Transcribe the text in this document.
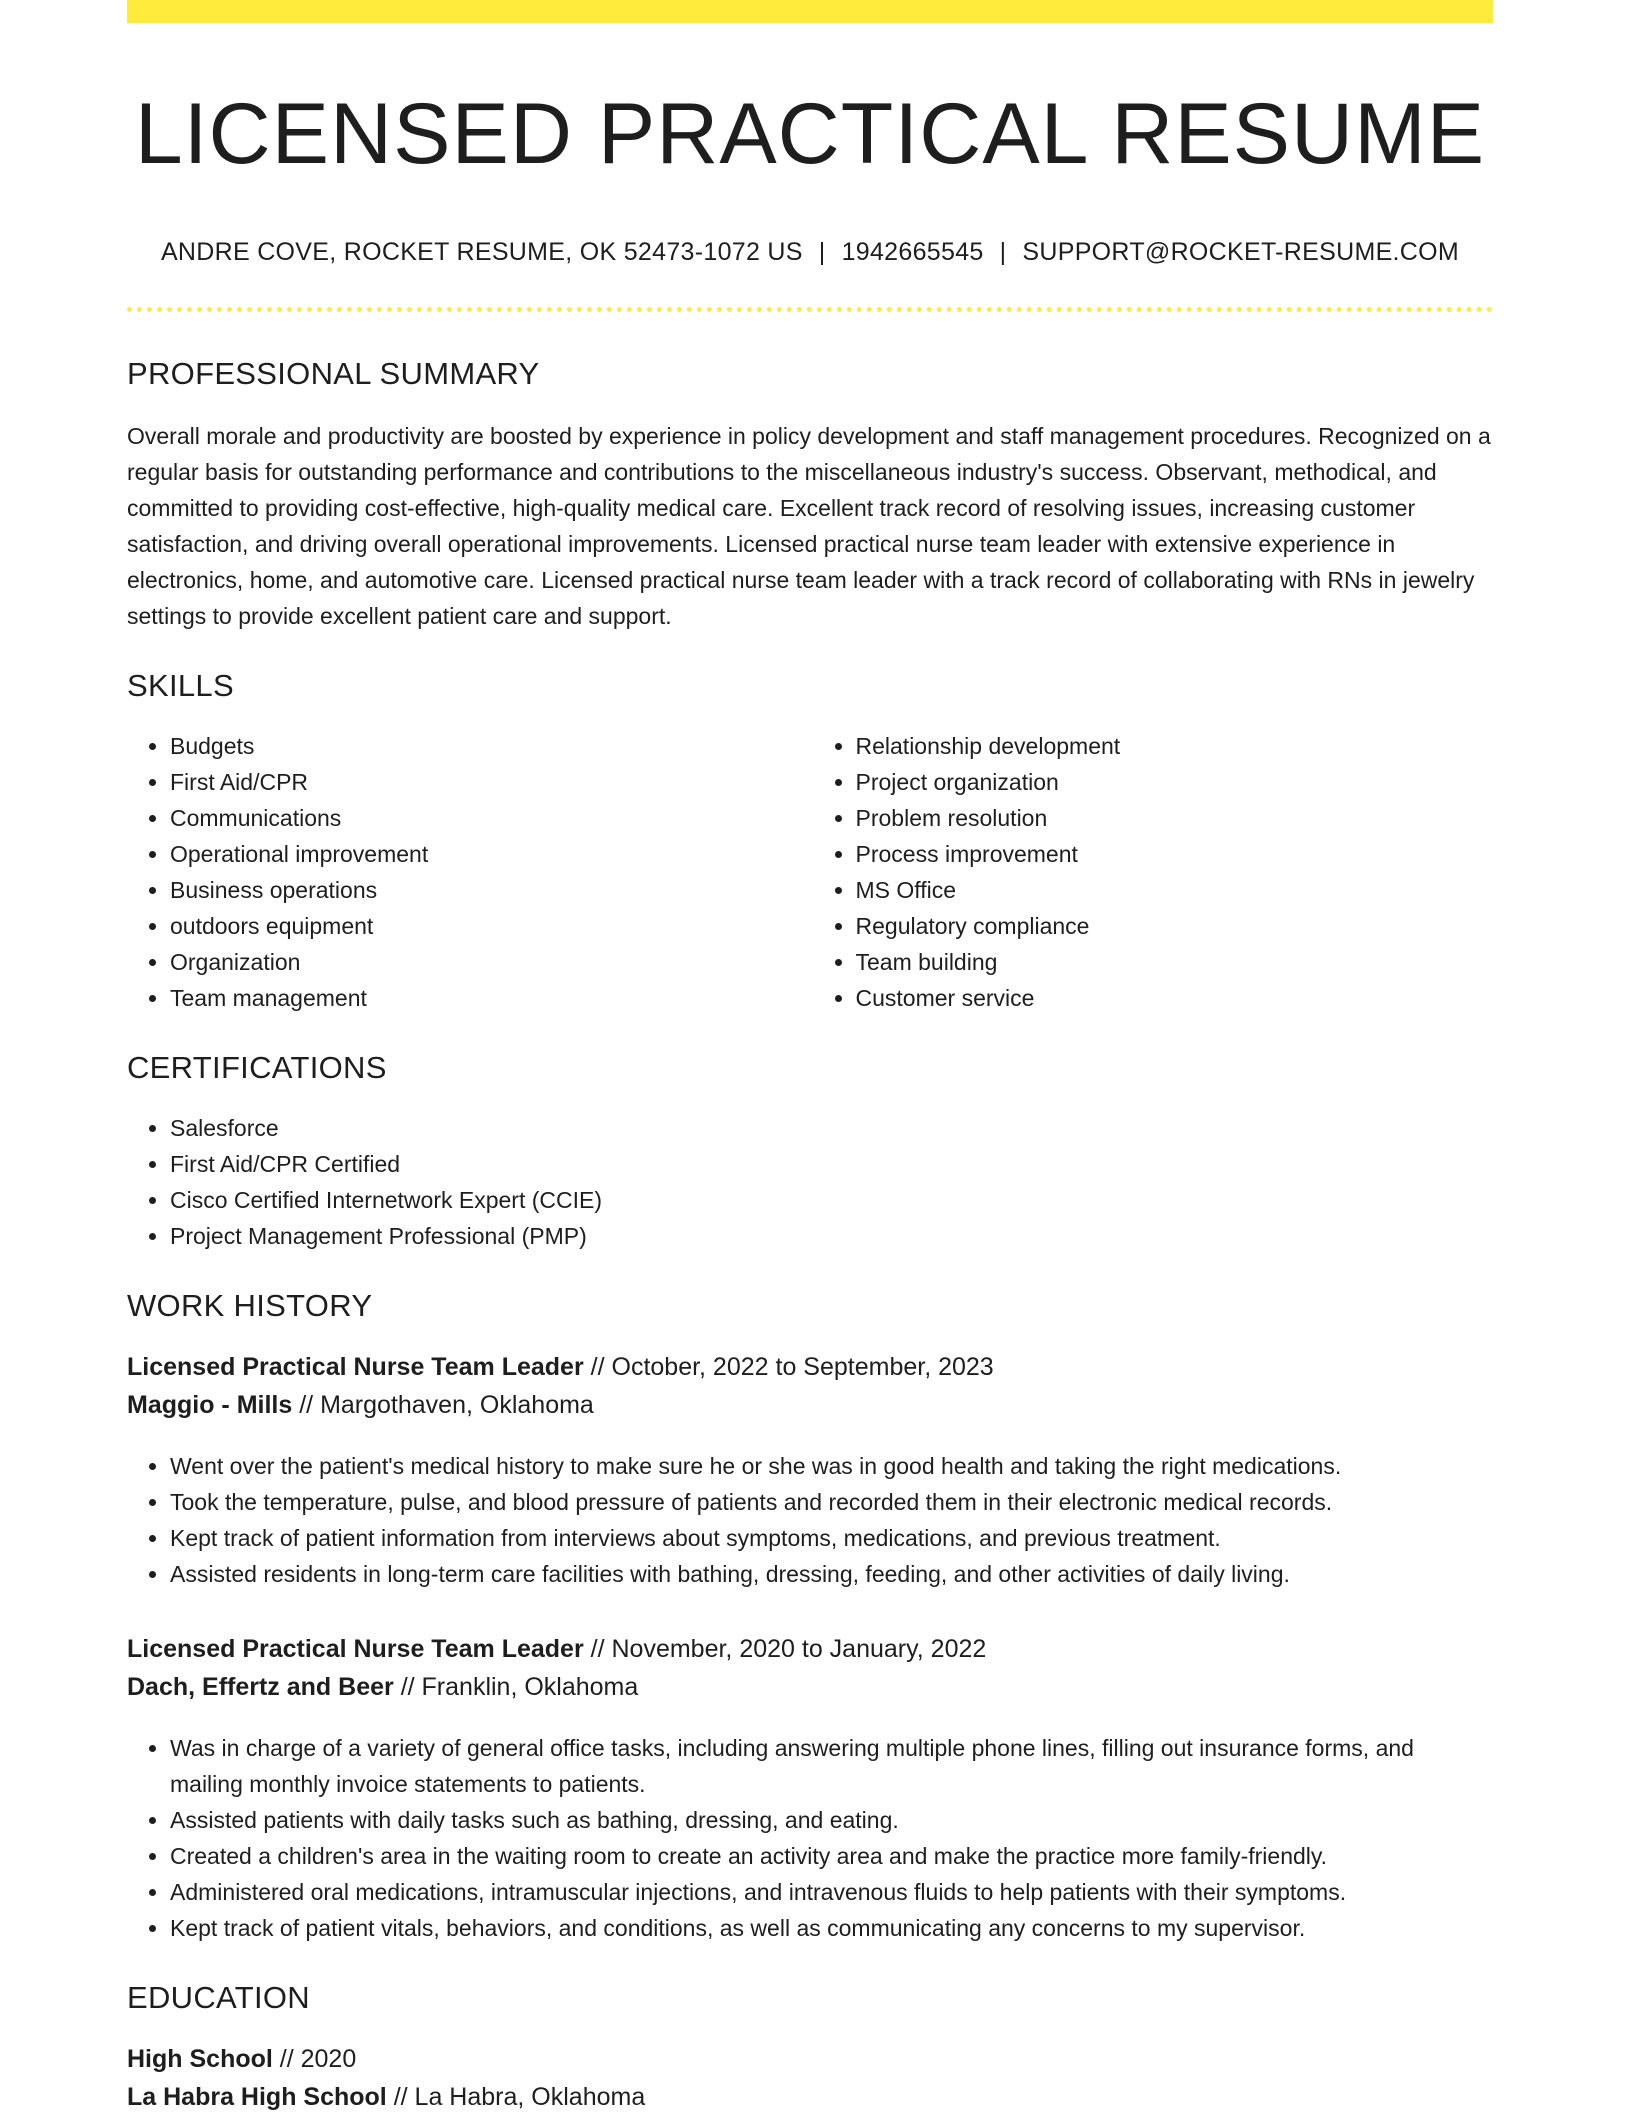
LICENSED PRACTICAL RESUME
ANDRE COVE, ROCKET RESUME, OK 52473-1072 US | 1942665545 | SUPPORT@ROCKET-RESUME.COM
PROFESSIONAL SUMMARY
Overall morale and productivity are boosted by experience in policy development and staff management procedures. Recognized on a regular basis for outstanding performance and contributions to the miscellaneous industry's success. Observant, methodical, and committed to providing cost-effective, high-quality medical care. Excellent track record of resolving issues, increasing customer satisfaction, and driving overall operational improvements. Licensed practical nurse team leader with extensive experience in electronics, home, and automotive care. Licensed practical nurse team leader with a track record of collaborating with RNs in jewelry settings to provide excellent patient care and support.
SKILLS
• Budgets
• First Aid/CPR
• Communications
• Operational improvement
• Business operations
• outdoors equipment
• Organization
• Team management
• Relationship development
• Project organization
• Problem resolution
• Process improvement
• MS Office
• Regulatory compliance
• Team building
• Customer service
CERTIFICATIONS
• Salesforce
• First Aid/CPR Certified
• Cisco Certified Internetwork Expert (CCIE)
• Project Management Professional (PMP)
WORK HISTORY
Licensed Practical Nurse Team Leader // October, 2022 to September, 2023
Maggio - Mills // Margothaven, Oklahoma
• Went over the patient's medical history to make sure he or she was in good health and taking the right medications.
• Took the temperature, pulse, and blood pressure of patients and recorded them in their electronic medical records.
• Kept track of patient information from interviews about symptoms, medications, and previous treatment.
• Assisted residents in long-term care facilities with bathing, dressing, feeding, and other activities of daily living.
Licensed Practical Nurse Team Leader // November, 2020 to January, 2022
Dach, Effertz and Beer // Franklin, Oklahoma
• Was in charge of a variety of general office tasks, including answering multiple phone lines, filling out insurance forms, and mailing monthly invoice statements to patients.
• Assisted patients with daily tasks such as bathing, dressing, and eating.
• Created a children's area in the waiting room to create an activity area and make the practice more family-friendly.
• Administered oral medications, intramuscular injections, and intravenous fluids to help patients with their symptoms.
• Kept track of patient vitals, behaviors, and conditions, as well as communicating any concerns to my supervisor.
EDUCATION
High School // 2020
La Habra High School // La Habra, Oklahoma
